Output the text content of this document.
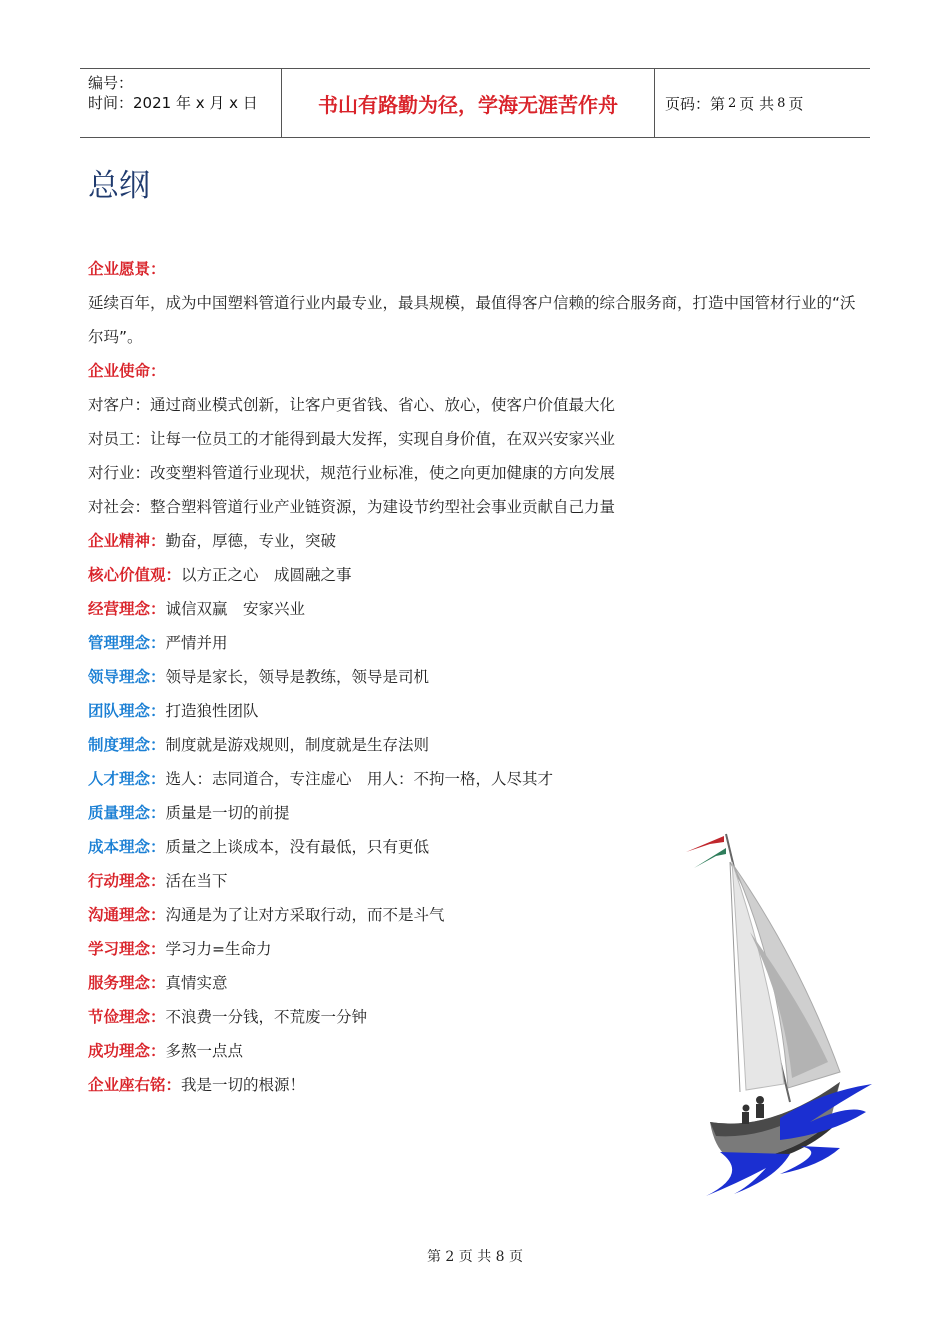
编号：
时间：2021 年 x 月 x 日	书山有路勤为径，学海无涯苦作舟	页码：第 2 页 共 8 页
总纲
企业愿景：
延续百年，成为中国塑料管道行业内最专业，最具规模，最值得客户信赖的综合服务商，打造中国管材行业的“沃尔玛”。
企业使命：
对客户：通过商业模式创新，让客户更省钱、省心、放心，使客户价值最大化
对员工：让每一位员工的才能得到最大发挥，实现自身价值，在双兴安家兴业
对行业：改变塑料管道行业现状，规范行业标准，使之向更加健康的方向发展
对社会：整合塑料管道行业产业链资源，为建设节约型社会事业贡献自己力量
企业精神：勤奋，厚德，专业，突破
核心价值观：以方正之心　成圆融之事
经营理念：诚信双赢　安家兴业
管理理念：严情并用
领导理念：领导是家长，领导是教练，领导是司机
团队理念：打造狼性团队
制度理念：制度就是游戏规则，制度就是生存法则
人才理念：选人：志同道合，专注虚心　用人：不拘一格，人尽其才
质量理念：质量是一切的前提
成本理念：质量之上谈成本，没有最低，只有更低
行动理念：活在当下
沟通理念：沟通是为了让对方采取行动，而不是斗气
学习理念：学习力=生命力
服务理念：真情实意
节俭理念：不浪费一分钱，不荒废一分钟
成功理念：多熬一点点
企业座右铭：我是一切的根源！
第 2 页 共 8 页
